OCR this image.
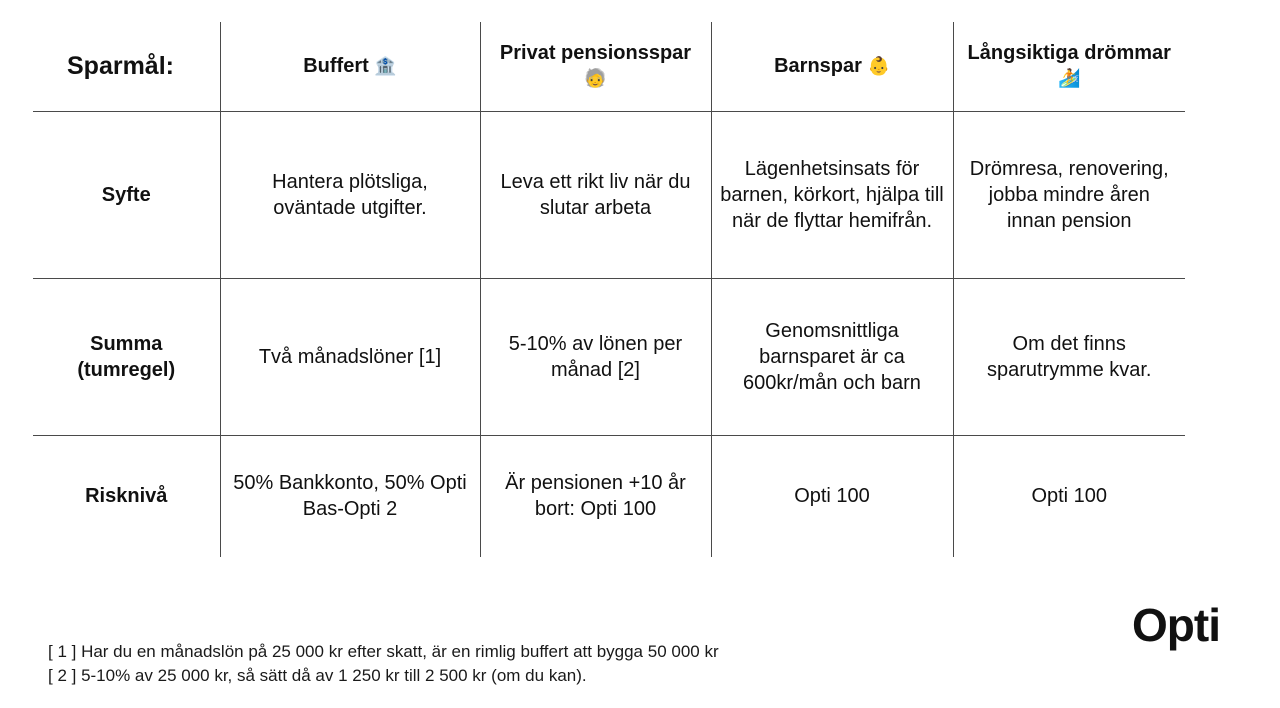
Sparmål:	Buffert 🏦	Privat pensionsspar 🧓	Barnspar 👶	Långsiktiga drömmar 🏄
Syfte	Hantera plötsliga, oväntade utgifter.	Leva ett rikt liv när du slutar arbeta	Lägenhetsinsats för barnen, körkort, hjälpa till när de flyttar hemifrån.	Drömresa, renovering, jobba mindre åren innan pension
Summa (tumregel)	Två månadslöner [1]	5-10% av lönen per månad [2]	Genomsnittliga barnsparet är ca 600kr/mån och barn	Om det finns sparutrymme kvar.
Risknivå	50% Bankkonto, 50% Opti Bas-Opti 2	Är pensionen +10 år bort: Opti 100	Opti 100	Opti 100
[ 1 ] Har du en månadslön på 25 000 kr efter skatt, är en rimlig buffert att bygga 50 000 kr
[ 2 ] 5-10% av 25 000 kr, så sätt då av 1 250 kr till 2 500 kr (om du kan).
Opti
